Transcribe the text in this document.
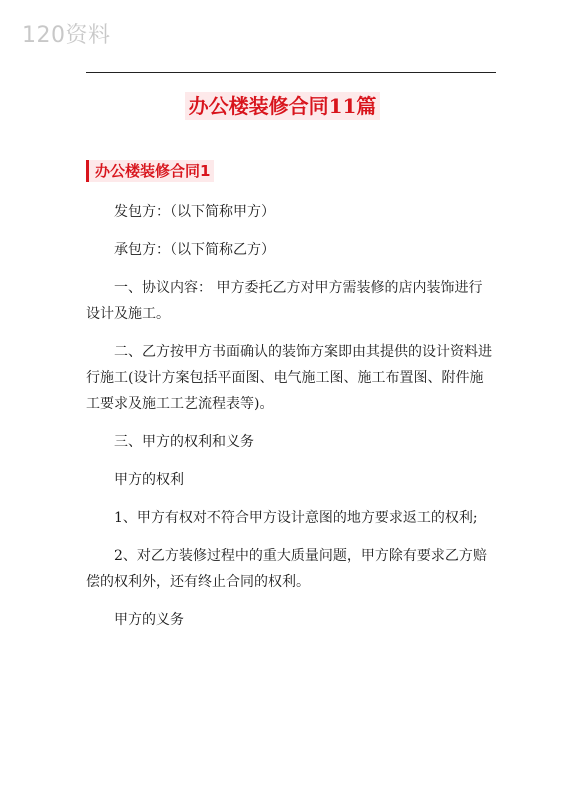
120资料
办公楼装修合同11篇
办公楼装修合同1

发包方：（以下简称甲方）

承包方：（以下简称乙方）

一、协议内容： 甲方委托乙方对甲方需装修的店内装饰进行设计及施工。

二、乙方按甲方书面确认的装饰方案即由其提供的设计资料进行施工(设计方案包括平面图、电气施工图、施工布置图、附件施工要求及施工工艺流程表等)。

三、甲方的权利和义务

甲方的权利

1、甲方有权对不符合甲方设计意图的地方要求返工的权利;

2、对乙方装修过程中的重大质量问题，甲方除有要求乙方赔偿的权利外，还有终止合同的权利。

甲方的义务
